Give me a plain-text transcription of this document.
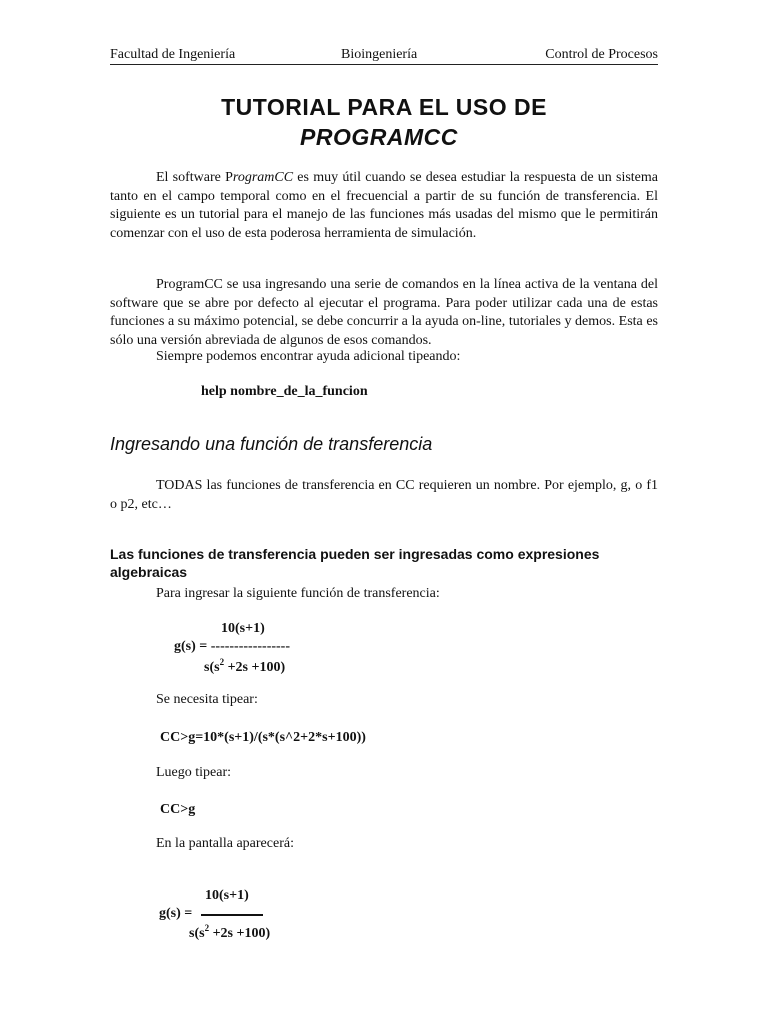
Facultad de Ingeniería	Bioingeniería	Control de Procesos
TUTORIAL PARA EL USO DE
PROGRAMCC

El software ProgramCC es muy útil cuando se desea estudiar la respuesta de un sistema tanto en el campo temporal como en el frecuencial a partir de su función de transferencia. El siguiente es un tutorial para el manejo de las funciones más usadas del mismo que le permitirán comenzar con el uso de esta poderosa herramienta de simulación.

ProgramCC se usa ingresando una serie de comandos en la línea activa de la ventana del software que se abre por defecto al ejecutar el programa. Para poder utilizar cada una de estas funciones a su máximo potencial, se debe concurrir a la ayuda on-line, tutoriales y demos. Esta es sólo una versión abreviada de algunos de esos comandos.

Siempre podemos encontrar ayuda adicional tipeando:
help nombre_de_la_funcion
Ingresando una función de transferencia

TODAS las funciones de transferencia en CC requieren un nombre. Por ejemplo, g, o f1 o p2, etc…

Las funciones de transferencia pueden ser ingresadas como expresiones algebraicas
Para ingresar la siguiente función de transferencia:
10(s+1)
g(s) = -----------------
$s(s^2 +2s +100)$
Se necesita tipear:
CC>g=10*(s+1)/(s*(s^2+2*s+100))
Luego tipear:
CC>g
En la pantalla aparecerá:
10(s+1)
g(s) =
$s(s^2 +2s +100)$
